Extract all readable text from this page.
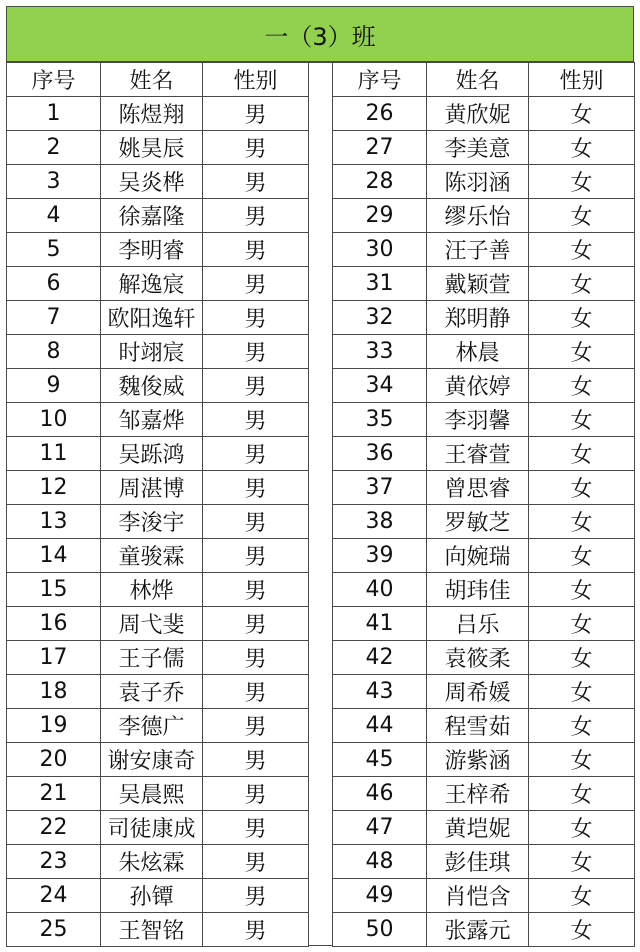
一（3）班
序号	姓名	性别
1	陈煜翔	男
2	姚昊辰	男
3	吴炎桦	男
4	徐嘉隆	男
5	李明睿	男
6	解逸宸	男
7	欧阳逸轩	男
8	时翊宸	男
9	魏俊威	男
10	邹嘉烨	男
11	吴跞鸿	男
12	周湛博	男
13	李浚宇	男
14	童骏霖	男
15	林烨	男
16	周弋斐	男
17	王子儒	男
18	袁子乔	男
19	李德广	男
20	谢安康奇	男
21	吴晨熙	男
22	司徒康成	男
23	朱炫霖	男
24	孙镡	男
25	王智铭	男
序号	姓名	性别
26	黄欣妮	女
27	李美意	女
28	陈羽涵	女
29	缪乐怡	女
30	汪子善	女
31	戴颖萱	女
32	郑明静	女
33	林晨	女
34	黄依婷	女
35	李羽馨	女
36	王睿萱	女
37	曾思睿	女
38	罗敏芝	女
39	向婉瑞	女
40	胡玮佳	女
41	吕乐	女
42	袁筱柔	女
43	周希媛	女
44	程雪茹	女
45	游紫涵	女
46	王梓希	女
47	黄垲妮	女
48	彭佳琪	女
49	肖恺含	女
50	张露元	女
